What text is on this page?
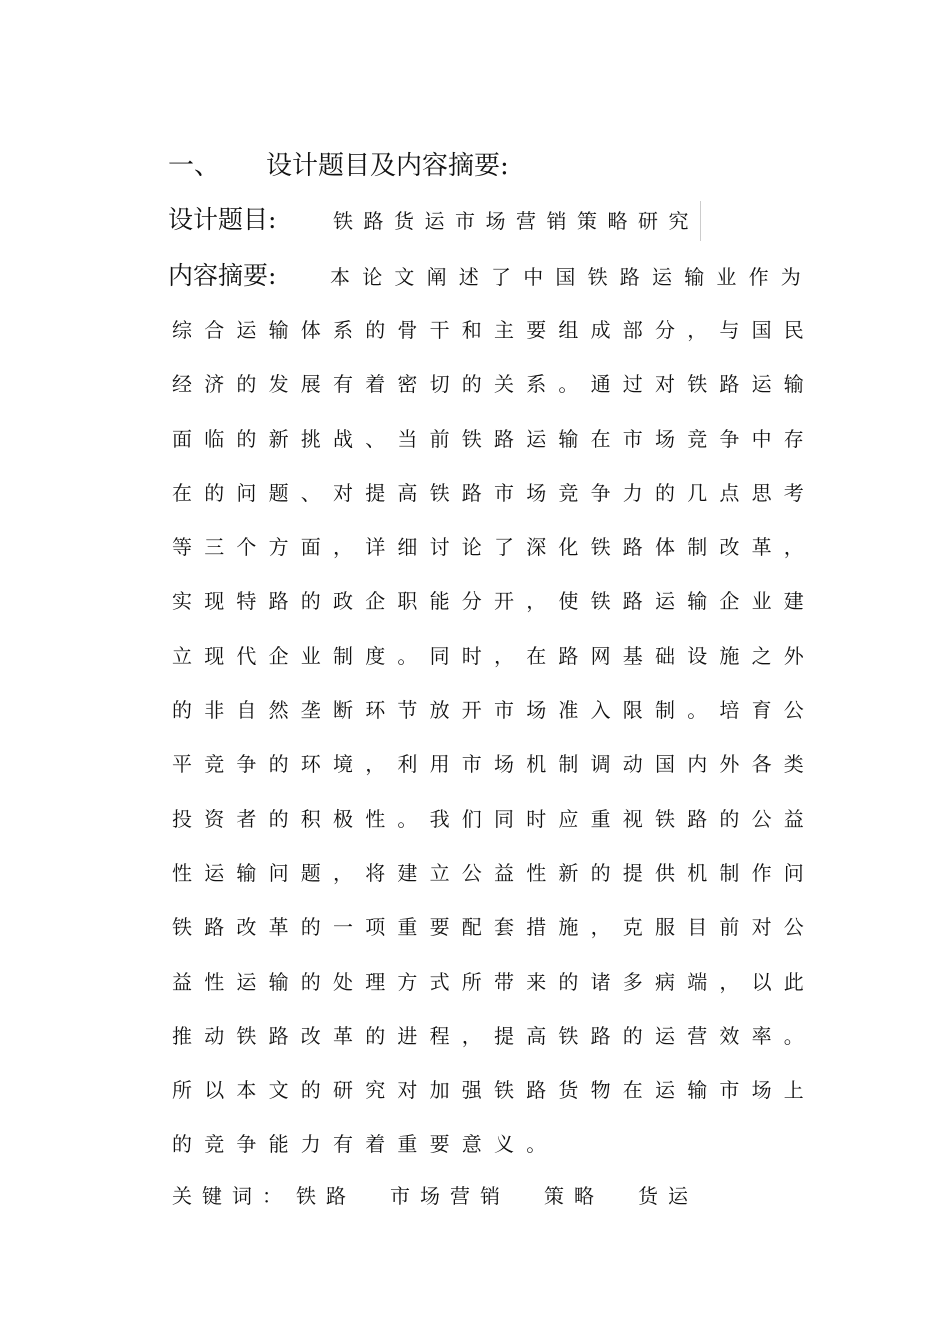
一、 设计题目及内容摘要:
设计题目:	铁路货运市场营销策略研究
内容摘要:	本论文阐述了中国铁路运输业作为
综合运输体系的骨干和主要组成部分，与国民
经济的发展有着密切的关系。通过对铁路运输
面临的新挑战、当前铁路运输在市场竞争中存
在的问题、对提高铁路市场竞争力的几点思考
等三个方面，详细讨论了深化铁路体制改革，
实现特路的政企职能分开，使铁路运输企业建
立现代企业制度。同时，在路网基础设施之外
的非自然垄断环节放开市场准入限制。培育公
平竞争的环境，利用市场机制调动国内外各类
投资者的积极性。我们同时应重视铁路的公益
性运输问题，将建立公益性新的提供机制作问
铁路改革的一项重要配套措施，克服目前对公
益性运输的处理方式所带来的诸多病端，以此
推动铁路改革的进程，提高铁路的运营效率。
所以本文的研究对加强铁路货物在运输市场上
的竞争能力有着重要意义。
关键词： 铁路 市场营销 策略 货运
